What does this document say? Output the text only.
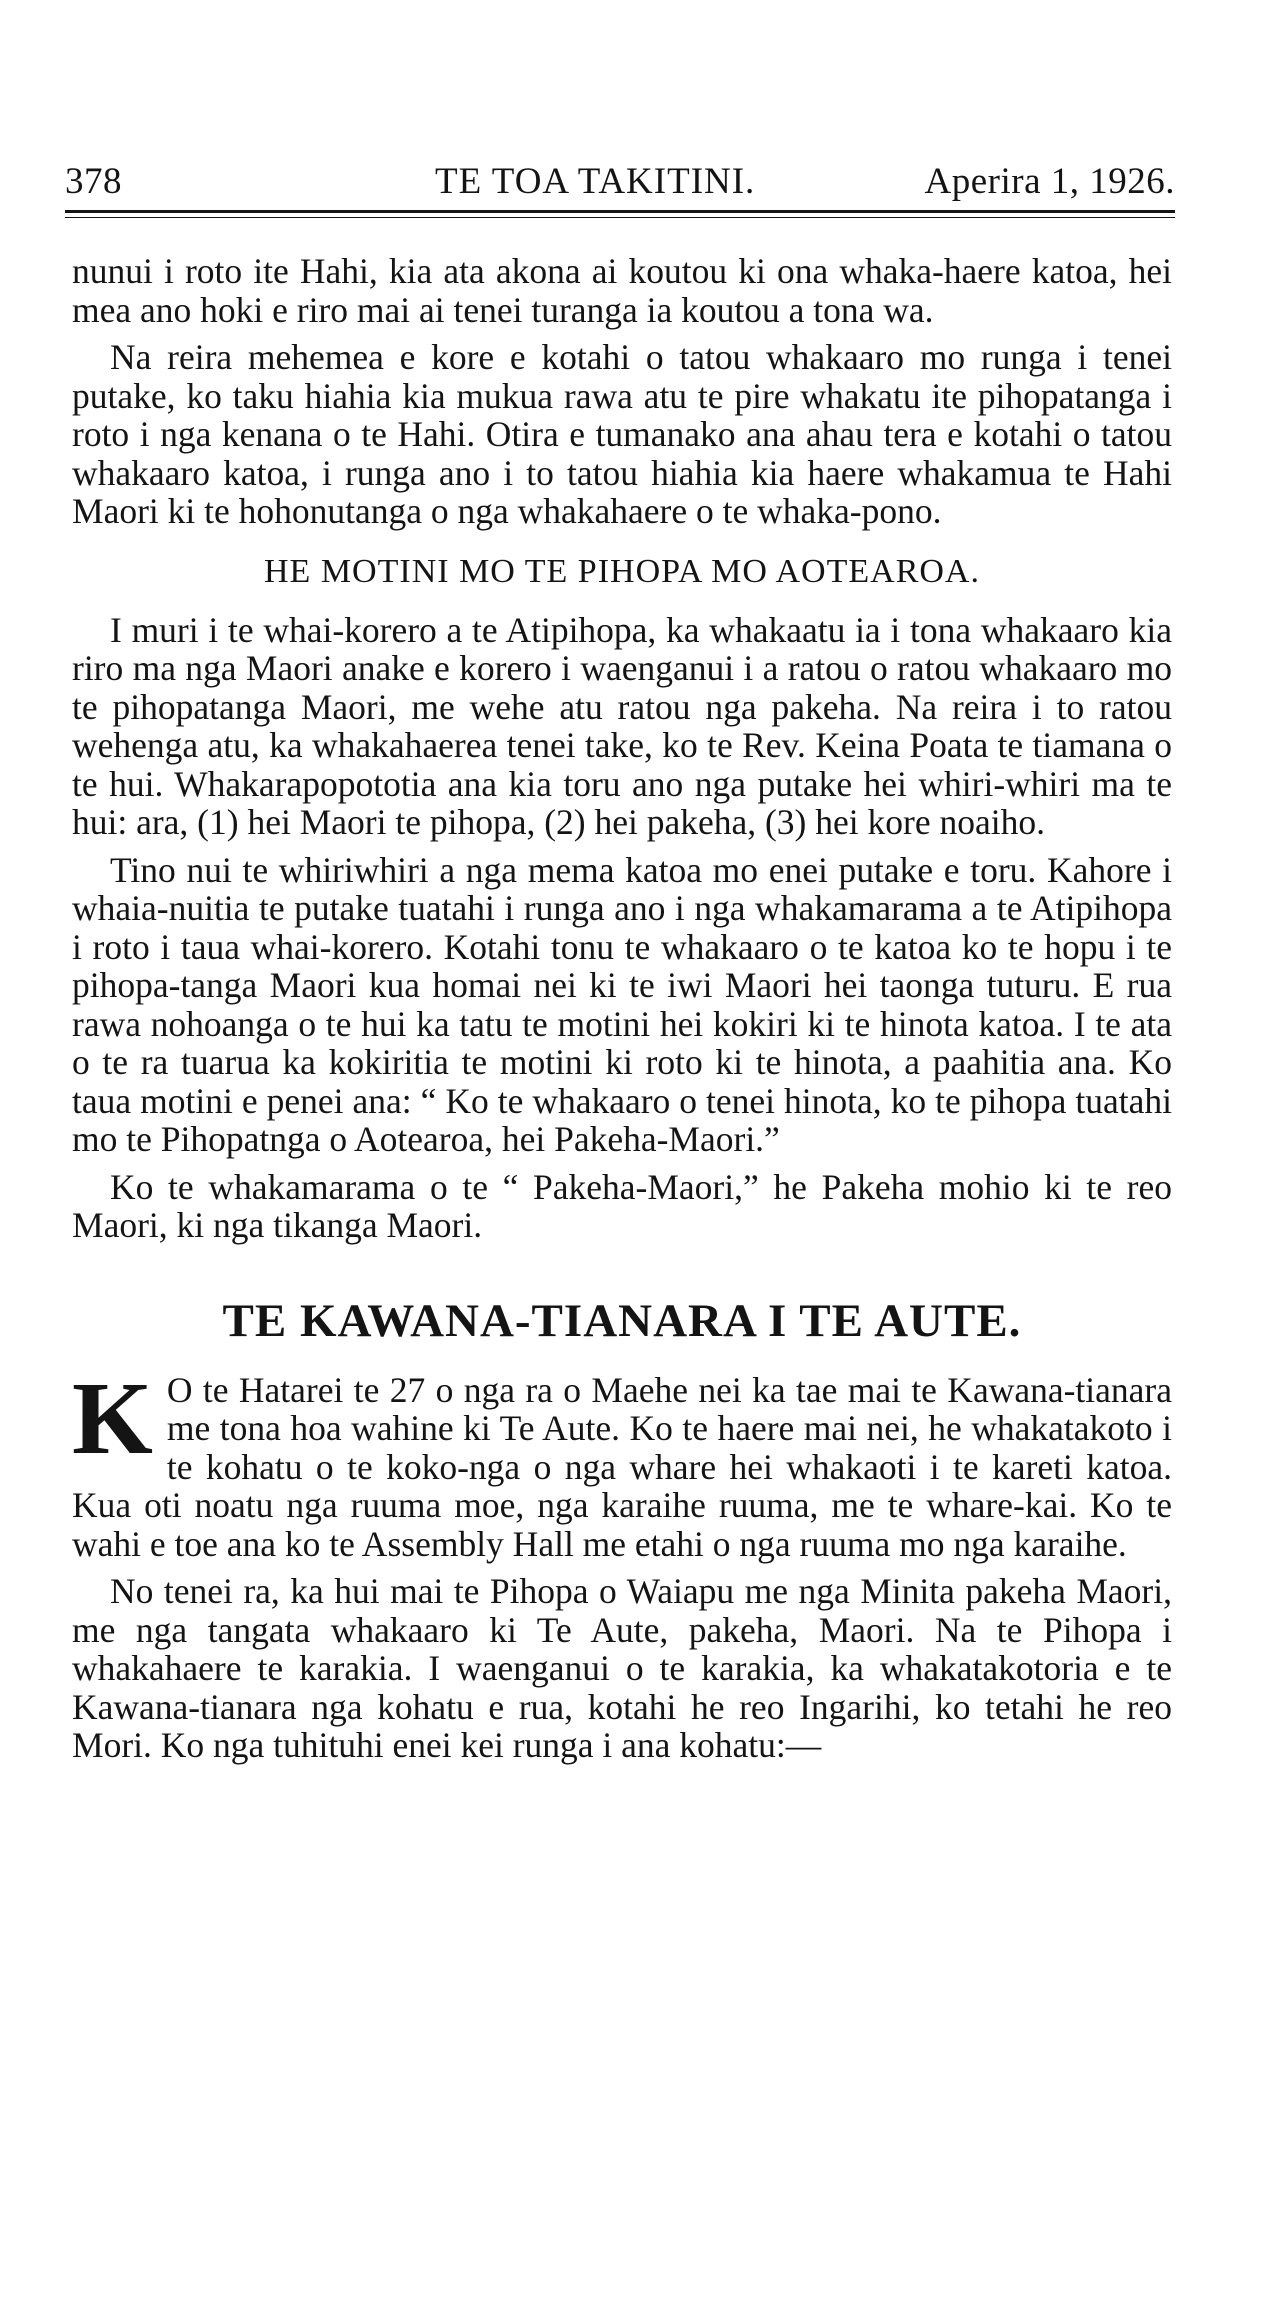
378	TE TOA TAKITINI.	Aperira 1, 1926.

nunui i roto ite Hahi, kia ata akona ai koutou ki ona whaka-haere katoa, hei mea ano hoki e riro mai ai tenei turanga ia koutou a tona wa.

Na reira mehemea e kore e kotahi o tatou whakaaro mo runga i tenei putake, ko taku hiahia kia mukua rawa atu te pire whakatu ite pihopatanga i roto i nga kenana o te Hahi. Otira e tumanako ana ahau tera e kotahi o tatou whakaaro katoa, i runga ano i to tatou hiahia kia haere whakamua te Hahi Maori ki te hohonutanga o nga whakahaere o te whaka-pono.

HE MOTINI MO TE PIHOPA MO AOTEAROA.

I muri i te whai-korero a te Atipihopa, ka whakaatu ia i tona whakaaro kia riro ma nga Maori anake e korero i waenganui i a ratou o ratou whakaaro mo te pihopatanga Maori, me wehe atu ratou nga pakeha. Na reira i to ratou wehenga atu, ka whakahaerea tenei take, ko te Rev. Keina Poata te tiamana o te hui. Whakarapopototia ana kia toru ano nga putake hei whiri-whiri ma te hui: ara, (1) hei Maori te pihopa, (2) hei pakeha, (3) hei kore noaiho.

Tino nui te whiriwhiri a nga mema katoa mo enei putake e toru. Kahore i whaia-nuitia te putake tuatahi i runga ano i nga whakamarama a te Atipihopa i roto i taua whai-korero. Kotahi tonu te whakaaro o te katoa ko te hopu i te pihopa-tanga Maori kua homai nei ki te iwi Maori hei taonga tuturu. E rua rawa nohoanga o te hui ka tatu te motini hei kokiri ki te hinota katoa. I te ata o te ra tuarua ka kokiritia te motini ki roto ki te hinota, a paahitia ana. Ko taua motini e penei ana: “ Ko te whakaaro o tenei hinota, ko te pihopa tuatahi mo te Pihopatnga o Aotearoa, hei Pakeha-Maori.”

Ko te whakamarama o te “ Pakeha-Maori,” he Pakeha mohio ki te reo Maori, ki nga tikanga Maori.

TE KAWANA-TIANARA I TE AUTE.

K O te Hatarei te 27 o nga ra o Maehe nei ka tae mai te Kawana-tianara me tona hoa wahine ki Te Aute. Ko te haere mai nei, he whakatakoto i te kohatu o te koko-nga o nga whare hei whakaoti i te kareti katoa. Kua oti noatu nga ruuma moe, nga karaihe ruuma, me te whare-kai. Ko te wahi e toe ana ko te Assembly Hall me etahi o nga ruuma mo nga karaihe.

No tenei ra, ka hui mai te Pihopa o Waiapu me nga Minita pakeha Maori, me nga tangata whakaaro ki Te Aute, pakeha, Maori. Na te Pihopa i whakahaere te karakia. I waenganui o te karakia, ka whakatakotoria e te Kawana-tianara nga kohatu e rua, kotahi he reo Ingarihi, ko tetahi he reo Mori. Ko nga tuhituhi enei kei runga i ana kohatu:—
